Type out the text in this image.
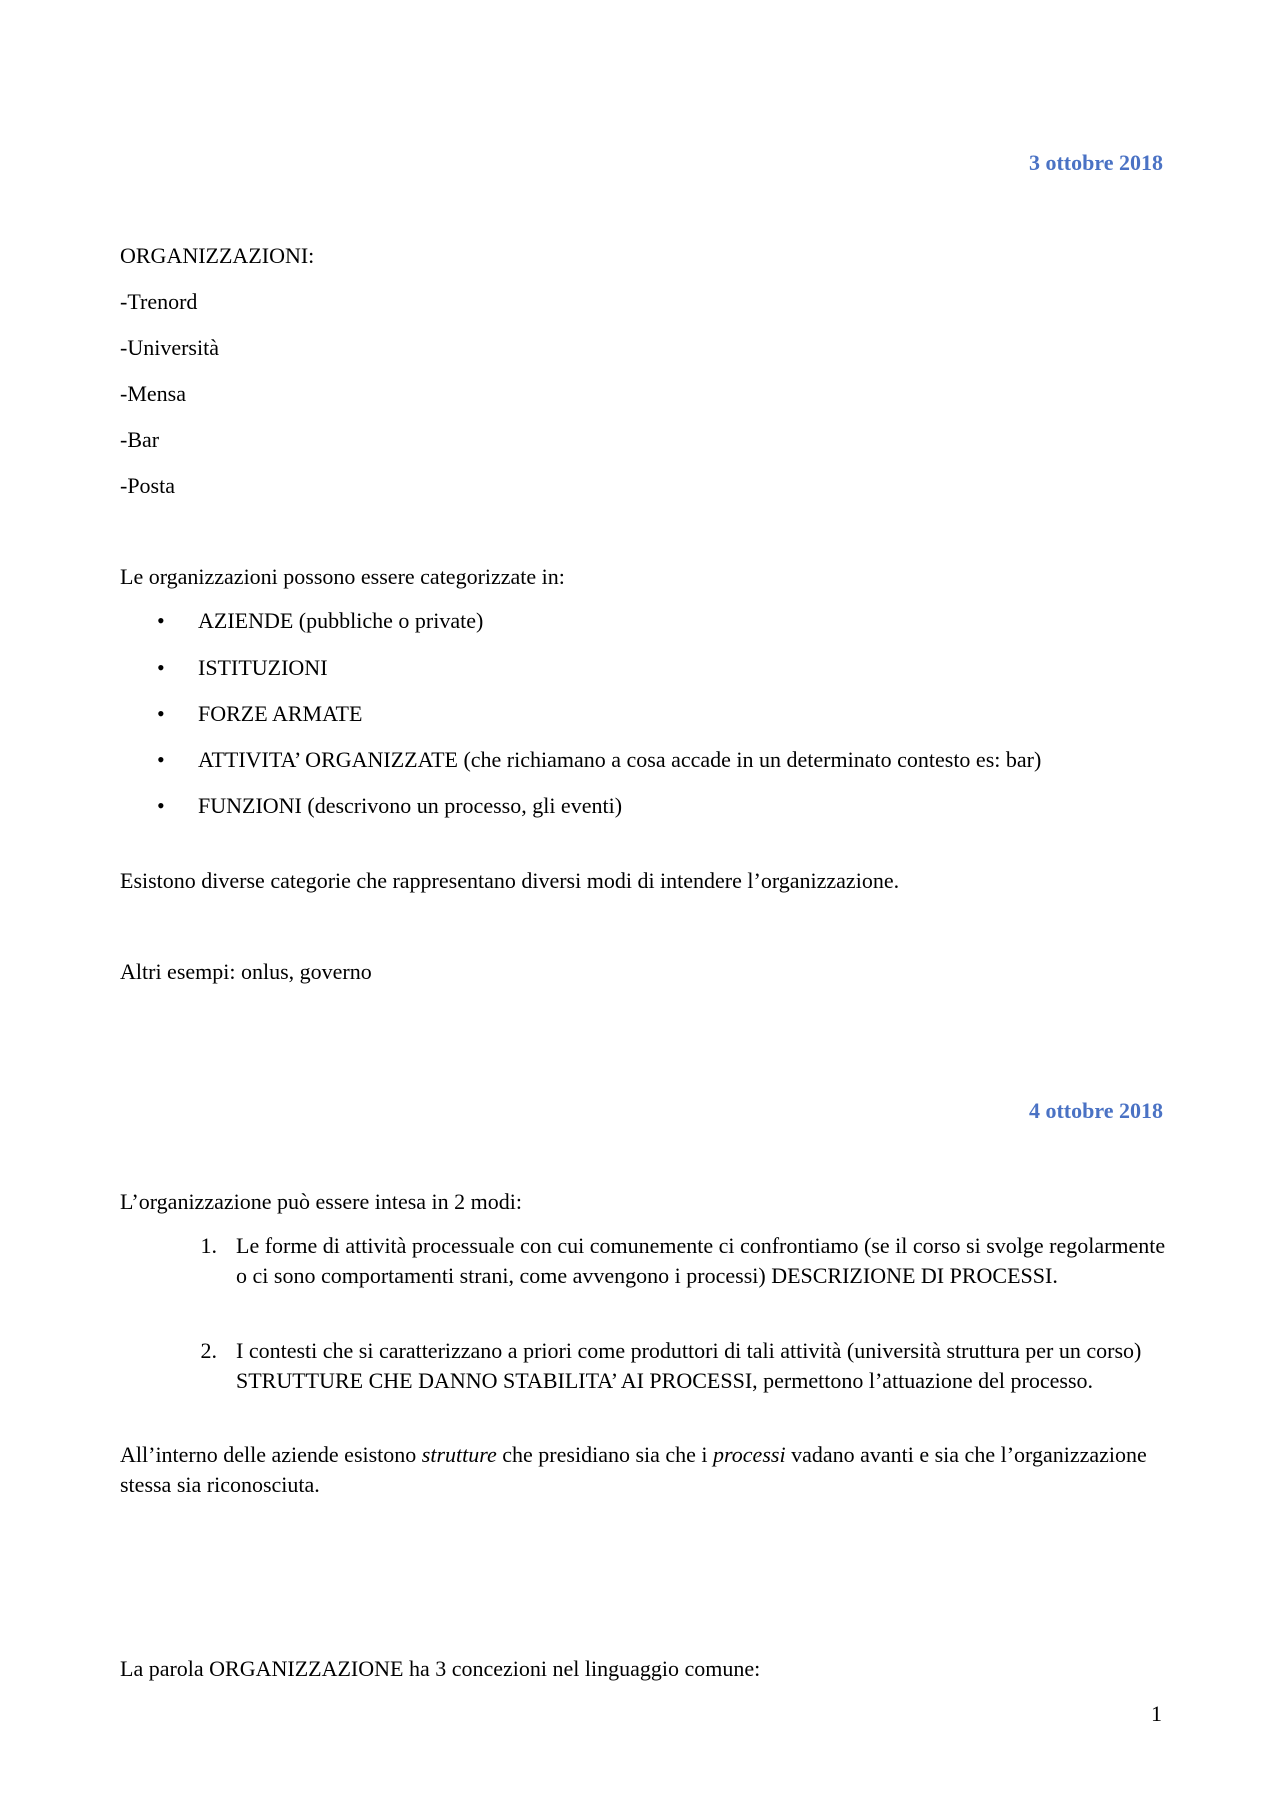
3 ottobre 2018

ORGANIZZAZIONI:

-Trenord

-Università

-Mensa

-Bar

-Posta

Le organizzazioni possono essere categorizzate in:

• AZIENDE (pubbliche o private)
• ISTITUZIONI
• FORZE ARMATE
• ATTIVITA’ ORGANIZZATE (che richiamano a cosa accade in un determinato contesto es: bar)
• FUNZIONI (descrivono un processo, gli eventi)

Esistono diverse categorie che rappresentano diversi modi di intendere l’organizzazione.

Altri esempi: onlus, governo

4 ottobre 2018

L’organizzazione può essere intesa in 2 modi:

1. Le forme di attività processuale con cui comunemente ci confrontiamo (se il corso si svolge regolarmente o ci sono comportamenti strani, come avvengono i processi) DESCRIZIONE DI PROCESSI.

2. I contesti che si caratterizzano a priori come produttori di tali attività (università struttura per un corso) STRUTTURE CHE DANNO STABILITA’ AI PROCESSI, permettono l’attuazione del processo.

All’interno delle aziende esistono strutture che presidiano sia che i processi vadano avanti e sia che l’organizzazione stessa sia riconosciuta.

La parola ORGANIZZAZIONE ha 3 concezioni nel linguaggio comune:

1
